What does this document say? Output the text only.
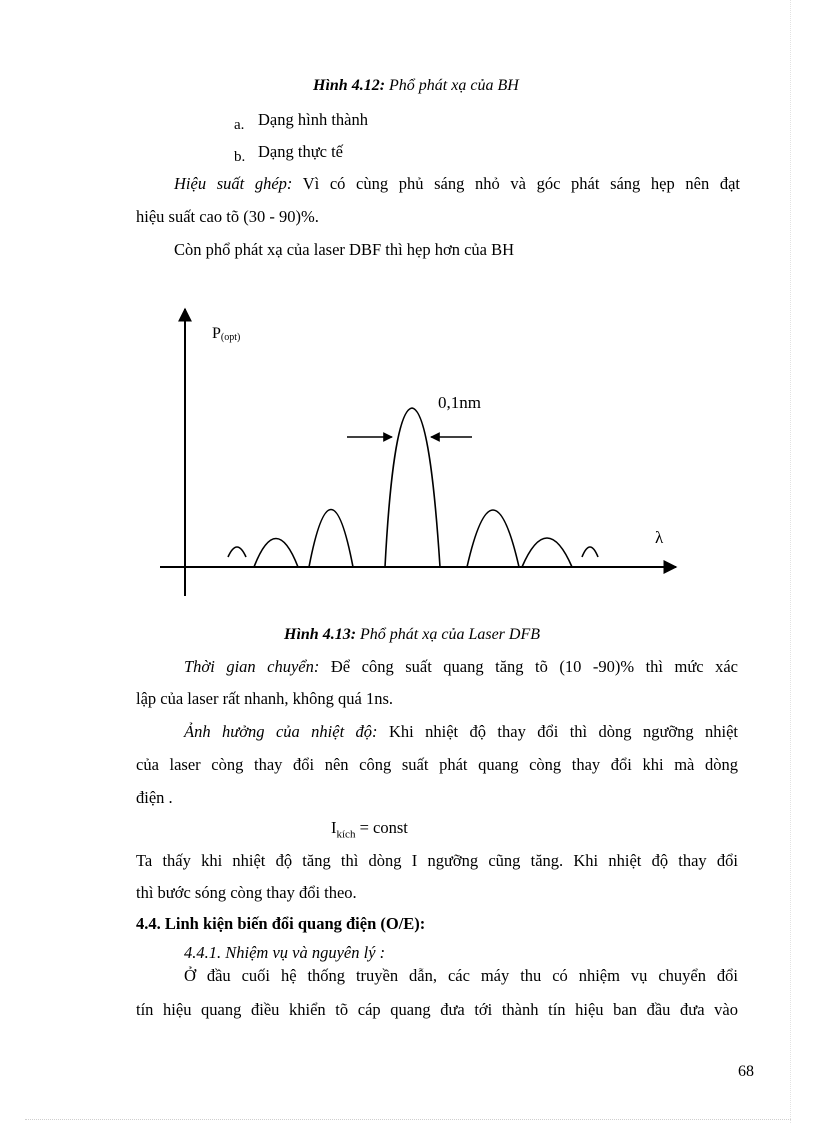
Hình 4.12: Phổ phát xạ của BH
a. Dạng hình thành
b. Dạng thực tế
Hiệu suất ghép: Vì có cùng phủ sáng nhỏ và góc phát sáng hẹp nên đạt
hiệu suất cao tõ (30 - 90)%.
Còn phổ phát xạ của laser DBF thì hẹp hơn của BH
P(opt)
λ
0,1nm
Hình 4.13: Phổ phát xạ của Laser DFB
Thời gian chuyển: Để công suất quang tăng tõ (10 -90)% thì mức xác
lập của laser rất nhanh, không quá 1ns.
Ảnh hưởng của nhiệt độ: Khi nhiệt độ thay đổi thì dòng ngưỡng nhiệt
của laser còng thay đổi nên công suất phát quang còng thay đổi khi mà dòng
điện .
$I_{kích}$ = const
Ta thấy khi nhiệt độ tăng thì dòng I ngưỡng cũng tăng. Khi nhiệt độ thay đổi
thì bước sóng còng thay đổi theo.
4.4. Linh kiện biến đổi quang điện (O/E):
4.4.1. Nhiệm vụ và nguyên lý :
Ở đầu cuối hệ thống truyền dẫn, các máy thu có nhiệm vụ chuyển đổi
tín hiệu quang điều khiển tõ cáp quang đưa tới thành tín hiệu ban đầu đưa vào
68
